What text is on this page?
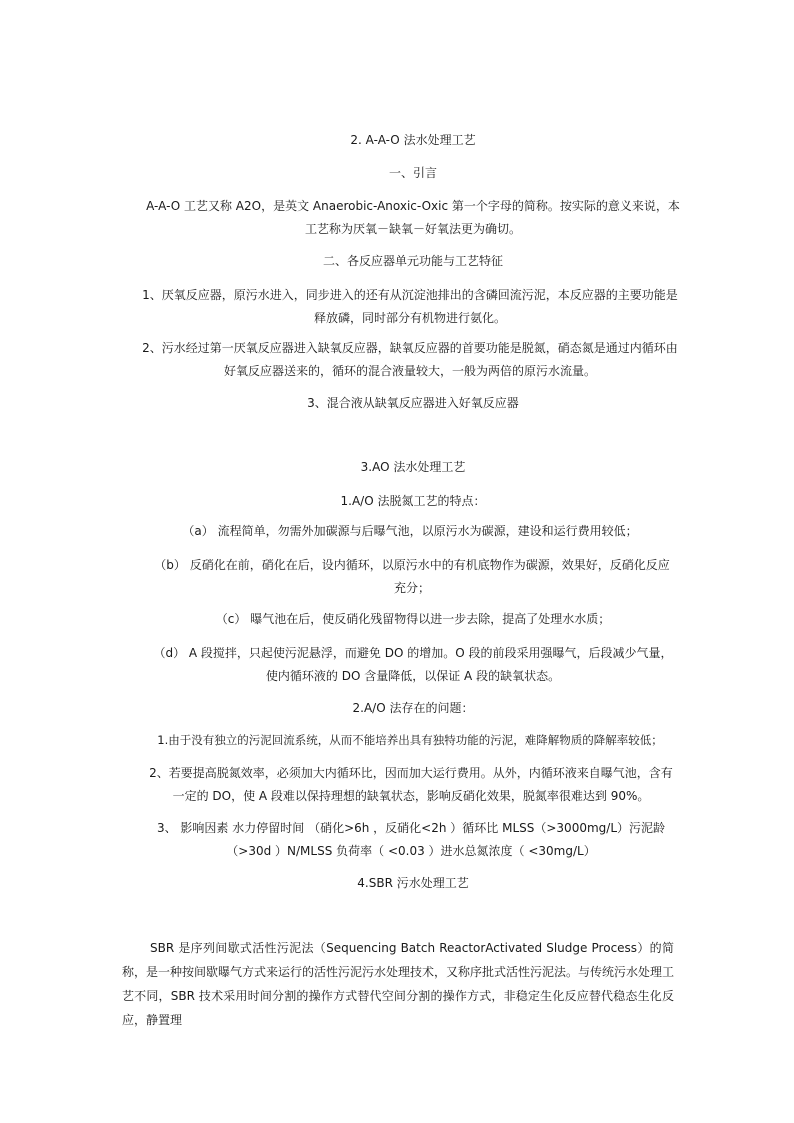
2. A-A-O 法水处理工艺

一、引言

A-A-O 工艺又称 A2O，是英文 Anaerobic-Anoxic-Oxic 第一个字母的简称。按实际的意义来说，本工艺称为厌氧－缺氧－好氧法更为确切。

二、各反应器单元功能与工艺特征

1、厌氧反应器，原污水进入，同步进入的还有从沉淀池排出的含磷回流污泥，本反应器的主要功能是释放磷，同时部分有机物进行氨化。

2、污水经过第一厌氧反应器进入缺氧反应器，缺氧反应器的首要功能是脱氮，硝态氮是通过内循环由好氧反应器送来的，循环的混合液量较大，一般为两倍的原污水流量。

3、混合液从缺氧反应器进入好氧反应器

3.AO 法水处理工艺

1.A/O 法脱氮工艺的特点：

（a） 流程简单，勿需外加碳源与后曝气池，以原污水为碳源，建设和运行费用较低；

（b） 反硝化在前，硝化在后，设内循环，以原污水中的有机底物作为碳源，效果好，反硝化反应充分；

（c） 曝气池在后，使反硝化残留物得以进一步去除，提高了处理水水质；

（d） A 段搅拌，只起使污泥悬浮，而避免 DO 的增加。O 段的前段采用强曝气，后段减少气量，使内循环液的 DO 含量降低，以保证 A 段的缺氧状态。

2.A/O 法存在的问题：

1.由于没有独立的污泥回流系统，从而不能培养出具有独特功能的污泥，难降解物质的降解率较低；

2、若要提高脱氮效率，必须加大内循环比，因而加大运行费用。从外，内循环液来自曝气池，含有一定的 DO，使 A 段难以保持理想的缺氧状态，影响反硝化效果，脱氮率很难达到 90%。

3、 影响因素 水力停留时间 （硝化>6h ，反硝化<2h ）循环比 MLSS（>3000mg/L）污泥龄（>30d ）N/MLSS 负荷率（ <0.03 ）进水总氮浓度（ <30mg/L）

4.SBR 污水处理工艺

SBR 是序列间歇式活性污泥法（Sequencing Batch ReactorActivated Sludge Process）的简称，是一种按间歇曝气方式来运行的活性污泥污水处理技术，又称序批式活性污泥法。与传统污水处理工艺不同，SBR 技术采用时间分割的操作方式替代空间分割的操作方式，非稳定生化反应替代稳态生化反应，静置理
